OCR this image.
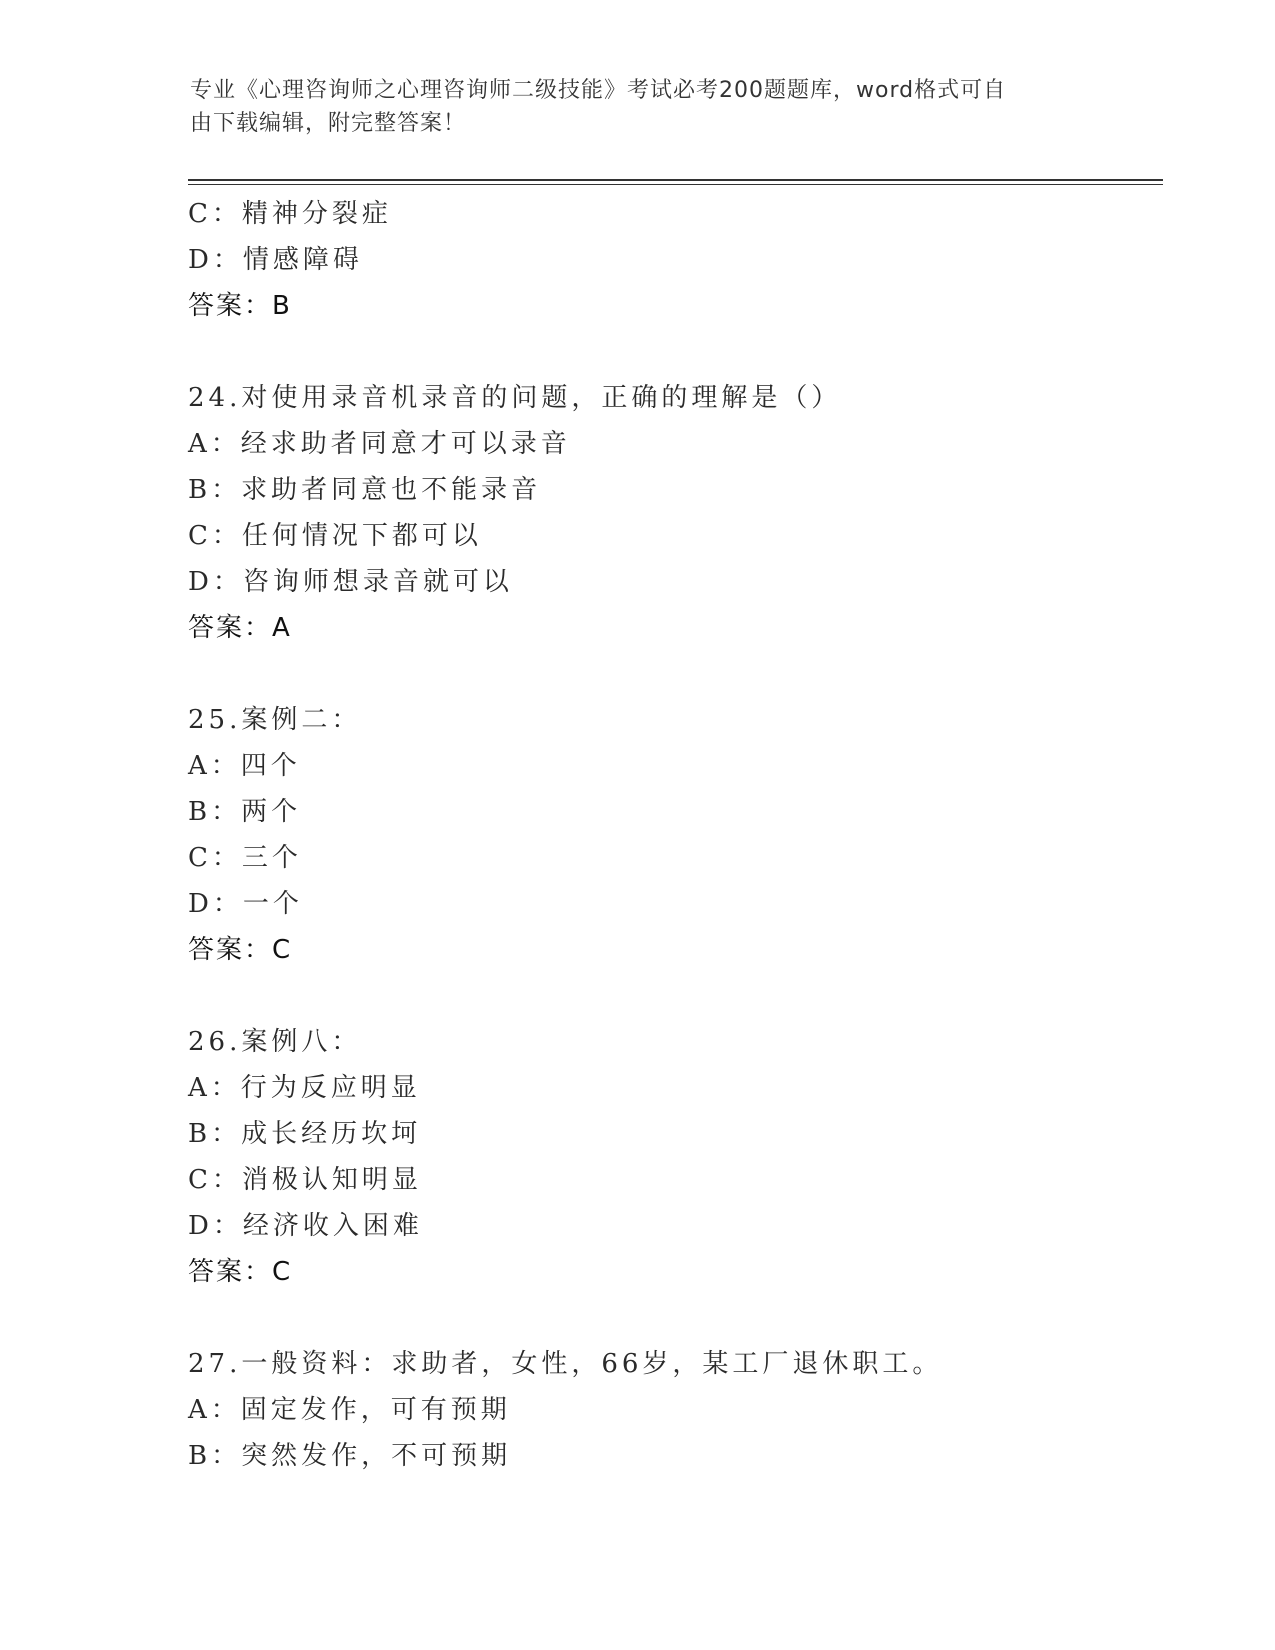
专业《心理咨询师之心理咨询师二级技能》考试必考200题题库，word格式可自
由下载编辑，附完整答案！
C：精神分裂症
D：情感障碍
答案：B
24.对使用录音机录音的问题，正确的理解是（）
A：经求助者同意才可以录音
B：求助者同意也不能录音
C：任何情况下都可以
D：咨询师想录音就可以
答案：A
25.案例二：
A：四个
B：两个
C：三个
D：一个
答案：C
26.案例八：
A：行为反应明显
B：成长经历坎坷
C：消极认知明显
D：经济收入困难
答案：C
27.一般资料：求助者，女性，66岁，某工厂退休职工。
A：固定发作，可有预期
B：突然发作，不可预期
